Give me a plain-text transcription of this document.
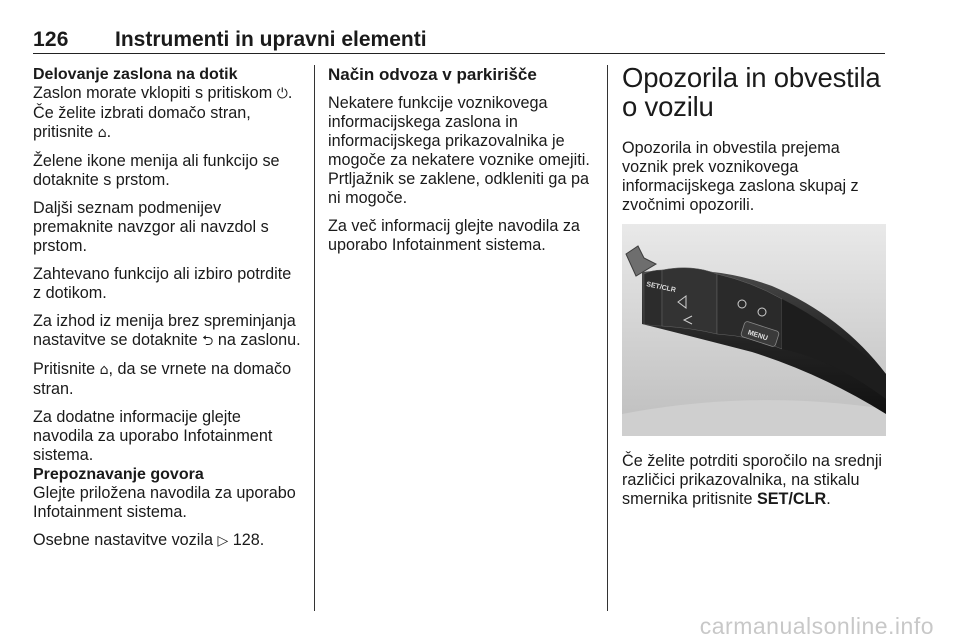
126 Instrumenti in upravni elementi
Delovanje zaslona na dotik

Zaslon morate vklopiti s pritiskom ⏻. Če želite izbrati domačo stran, pritisnite ⌂.

Želene ikone menija ali funkcijo se dotaknite s prstom.

Daljši seznam podmenijev premaknite navzgor ali navzdol s prstom.

Zahtevano funkcijo ali izbiro potrdite z dotikom.

Za izhod iz menija brez spreminjanja nastavitve se dotaknite ⮌ na zaslonu.

Pritisnite ⌂, da se vrnete na domačo stran.

Za dodatne informacije glejte navodila za uporabo Infotainment sistema.

Prepoznavanje govora

Glejte priložena navodila za uporabo Infotainment sistema.

Osebne nastavitve vozila ▷ 128.

Način odvoza v parkirišče

Nekatere funkcije voznikovega informacijskega zaslona in informacijskega prikazovalnika je mogoče za nekatere voznike omejiti. Prtljažnik se zaklene, odkleniti ga pa ni mogoče.

Za več informacij glejte navodila za uporabo Infotainment sistema.

Opozorila in obvestila o vozilu

Opozorila in obvestila prejema voznik prek voznikovega informacijskega zaslona skupaj z zvočnimi opozorili.

SET/CLR
MENU

Če želite potrditi sporočilo na srednji različici prikazovalnika, na stikalu smernika pritisnite SET/CLR.

carmanualsonline.info
